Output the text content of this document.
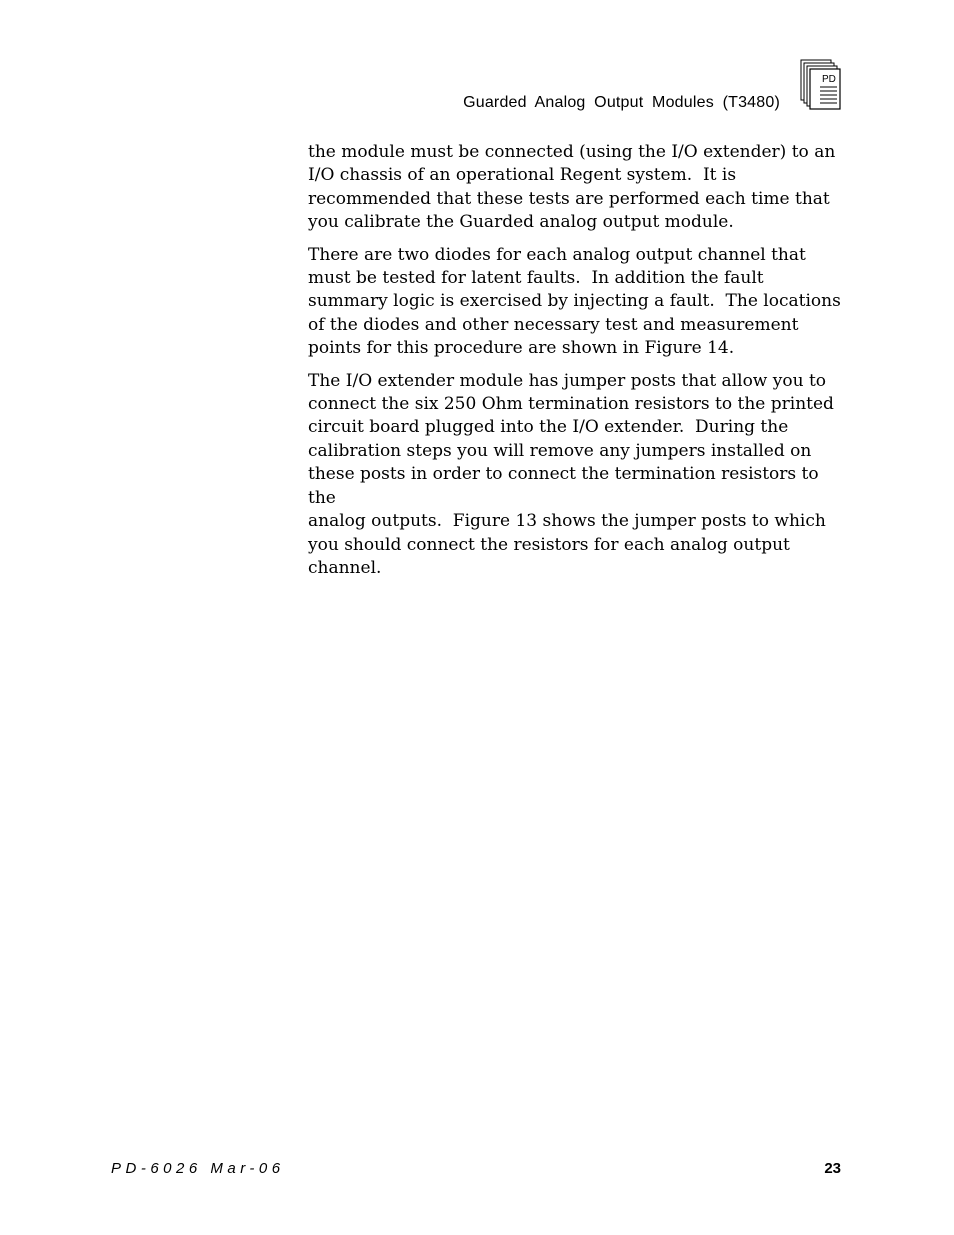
Guarded Analog Output Modules (T3480)
PD

the module must be connected (using the I/O extender) to an
I/O chassis of an operational Regent system.  It is
recommended that these tests are performed each time that
you calibrate the Guarded analog output module.

There are two diodes for each analog output channel that
must be tested for latent faults.  In addition the fault
summary logic is exercised by injecting a fault.  The locations
of the diodes and other necessary test and measurement
points for this procedure are shown in Figure 14.

The I/O extender module has jumper posts that allow you to
connect the six 250 Ohm termination resistors to the printed
circuit board plugged into the I/O extender.  During the
calibration steps you will remove any jumpers installed on
these posts in order to connect the termination resistors to the
analog outputs.  Figure 13 shows the jumper posts to which
you should connect the resistors for each analog output
channel.

PD-6026 Mar-06	23
